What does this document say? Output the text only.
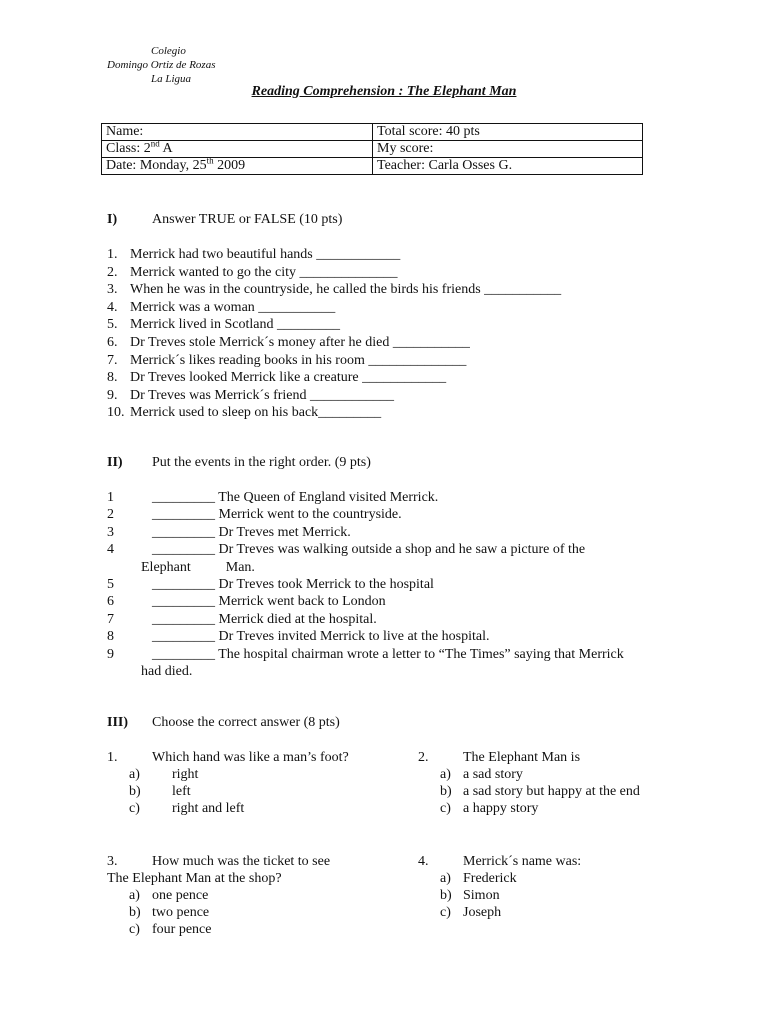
Colegio
Domingo Ortiz de Rozas
La Ligua
Reading Comprehension : The Elephant Man
Name:	Total score: 40 pts
Class: 2nd A	My score:
Date: Monday, 25th 2009	Teacher: Carla Osses G.
I) Answer TRUE or FALSE (10 pts)
1. Merrick had two beautiful hands ____________
2. Merrick wanted to go the city ______________
3. When he was in the countryside, he called the birds his friends ___________
4. Merrick was a woman ___________
5. Merrick lived in Scotland _________
6. Dr Treves stole Merrick´s money after he died ___________
7. Merrick´s likes reading books in his room ______________
8. Dr Treves looked Merrick like a creature ____________
9. Dr Treves was Merrick´s friend ____________
10. Merrick used to sleep on his back_________
II) Put the events in the right order. (9 pts)
1	_________ The Queen of England visited Merrick.
2	_________ Merrick went to the countryside.
3	_________ Dr Treves met Merrick.
4	_________ Dr Treves was walking outside a shop and he saw a picture of the
Elephant          Man.
5	_________ Dr Treves took Merrick to the hospital
6	_________ Merrick went back to London
7	_________ Merrick died at the hospital.
8	_________ Dr Treves invited Merrick to live at the hospital.
9	_________ The hospital chairman wrote a letter to “The Times” saying that Merrick
had died.
III) Choose the correct answer (8 pts)
1. Which hand was like a man’s foot?
a) right
b) left
c) right and left
2. The Elephant Man is
a) a sad story
b) a sad story but happy at the end
c) a happy story
3. How much was the ticket to see
The Elephant Man at the shop?
a) one pence
b) two pence
c) four pence
4. Merrick´s name was:
a) Frederick
b) Simon
c) Joseph
